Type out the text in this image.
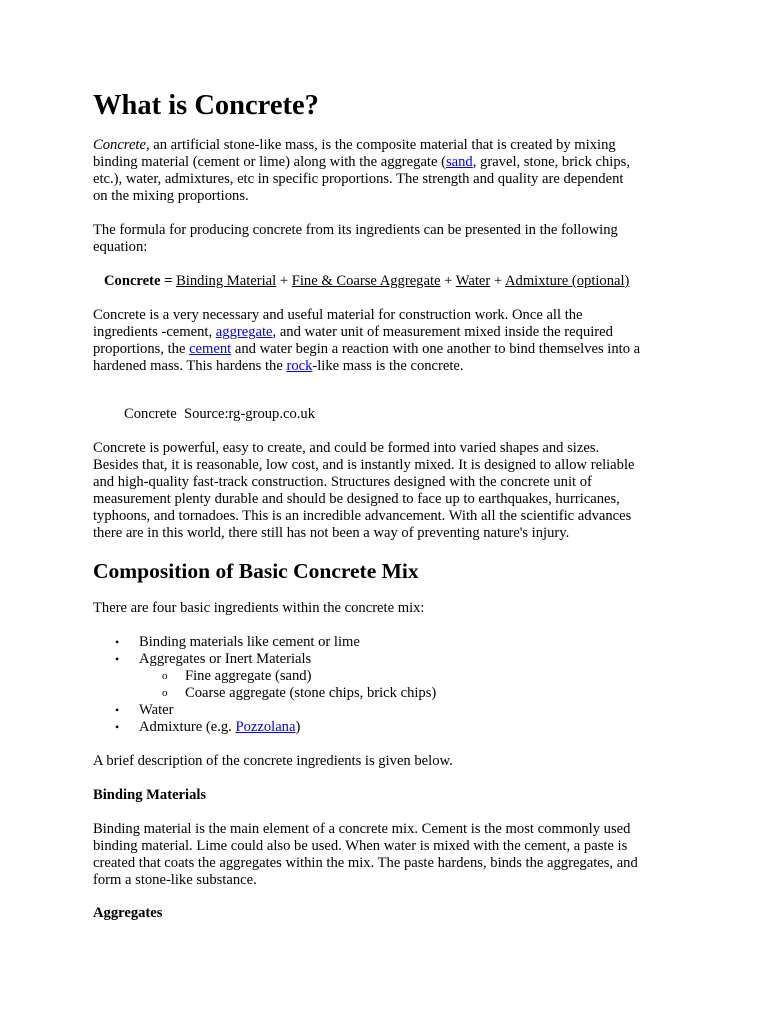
What is Concrete?
Concrete, an artificial stone-like mass, is the composite material that is created by mixing
binding material (cement or lime) along with the aggregate (sand, gravel, stone, brick chips,
etc.), water, admixtures, etc in specific proportions. The strength and quality are dependent
on the mixing proportions.
The formula for producing concrete from its ingredients can be presented in the following
equation:
Concrete = Binding Material + Fine & Coarse Aggregate + Water + Admixture (optional)
Concrete is a very necessary and useful material for construction work. Once all the
ingredients -cement, aggregate, and water unit of measurement mixed inside the required
proportions, the cement and water begin a reaction with one another to bind themselves into a
hardened mass. This hardens the rock-like mass is the concrete.
Concrete  Source:rg-group.co.uk
Concrete is powerful, easy to create, and could be formed into varied shapes and sizes.
Besides that, it is reasonable, low cost, and is instantly mixed. It is designed to allow reliable
and high-quality fast-track construction. Structures designed with the concrete unit of
measurement plenty durable and should be designed to face up to earthquakes, hurricanes,
typhoons, and tornadoes. This is an incredible advancement. With all the scientific advances
there are in this world, there still has not been a way of preventing nature's injury.
Composition of Basic Concrete Mix
There are four basic ingredients within the concrete mix:
• Binding materials like cement or lime
• Aggregates or Inert Materials
o Fine aggregate (sand)
o Coarse aggregate (stone chips, brick chips)
• Water
• Admixture (e.g. Pozzolana)
A brief description of the concrete ingredients is given below.
Binding Materials
Binding material is the main element of a concrete mix. Cement is the most commonly used
binding material. Lime could also be used. When water is mixed with the cement, a paste is
created that coats the aggregates within the mix. The paste hardens, binds the aggregates, and
form a stone-like substance.
Aggregates
